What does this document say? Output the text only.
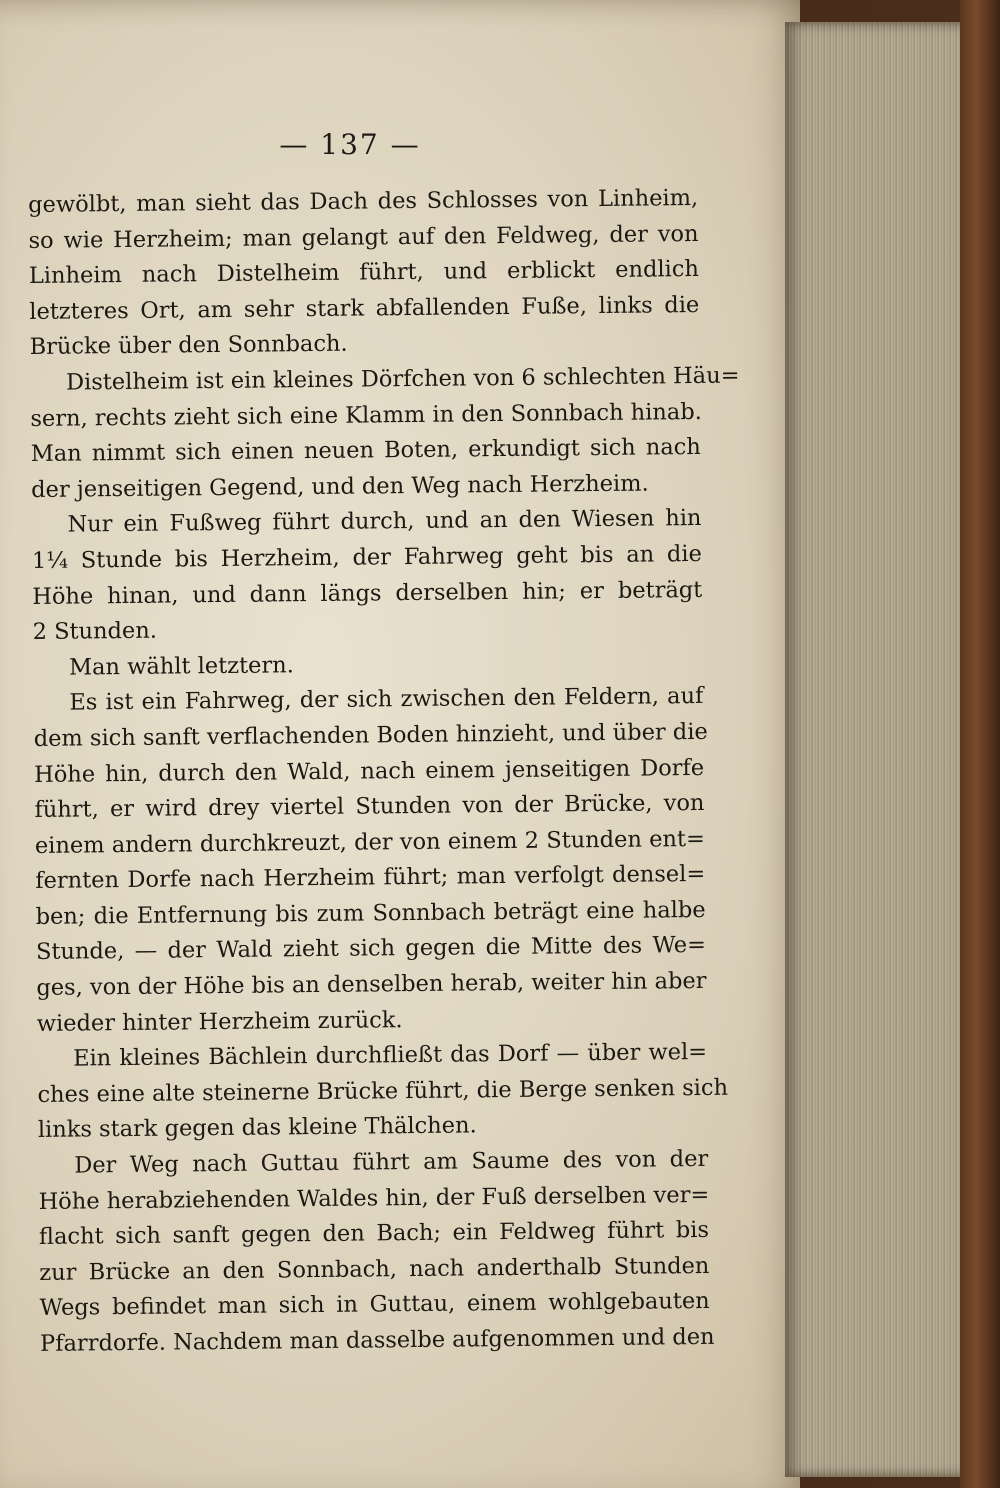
— 137 —
gewölbt, man sieht das Dach des Schlosses von Linheim,
so wie Herzheim; man gelangt auf den Feldweg, der von
Linheim nach Distelheim führt, und erblickt endlich
letzteres Ort, am sehr stark abfallenden Fuße, links die
Brücke über den Sonnbach.
Distelheim ist ein kleines Dörfchen von 6 schlechten Häu=
sern, rechts zieht sich eine Klamm in den Sonnbach hinab.
Man nimmt sich einen neuen Boten, erkundigt sich nach
der jenseitigen Gegend, und den Weg nach Herzheim.
Nur ein Fußweg führt durch, und an den Wiesen hin
1¼ Stunde bis Herzheim, der Fahrweg geht bis an die
Höhe hinan, und dann längs derselben hin; er beträgt
2 Stunden.
Man wählt letztern.
Es ist ein Fahrweg, der sich zwischen den Feldern, auf
dem sich sanft verflachenden Boden hinzieht, und über die
Höhe hin, durch den Wald, nach einem jenseitigen Dorfe
führt, er wird drey viertel Stunden von der Brücke, von
einem andern durchkreuzt, der von einem 2 Stunden ent=
fernten Dorfe nach Herzheim führt; man verfolgt densel=
ben; die Entfernung bis zum Sonnbach beträgt eine halbe
Stunde, — der Wald zieht sich gegen die Mitte des We=
ges, von der Höhe bis an denselben herab, weiter hin aber
wieder hinter Herzheim zurück.
Ein kleines Bächlein durchfließt das Dorf — über wel=
ches eine alte steinerne Brücke führt, die Berge senken sich
links stark gegen das kleine Thälchen.
Der Weg nach Guttau führt am Saume des von der
Höhe herabziehenden Waldes hin, der Fuß derselben ver=
flacht sich sanft gegen den Bach; ein Feldweg führt bis
zur Brücke an den Sonnbach, nach anderthalb Stunden
Wegs befindet man sich in Guttau, einem wohlgebauten
Pfarrdorfe. Nachdem man dasselbe aufgenommen und den
